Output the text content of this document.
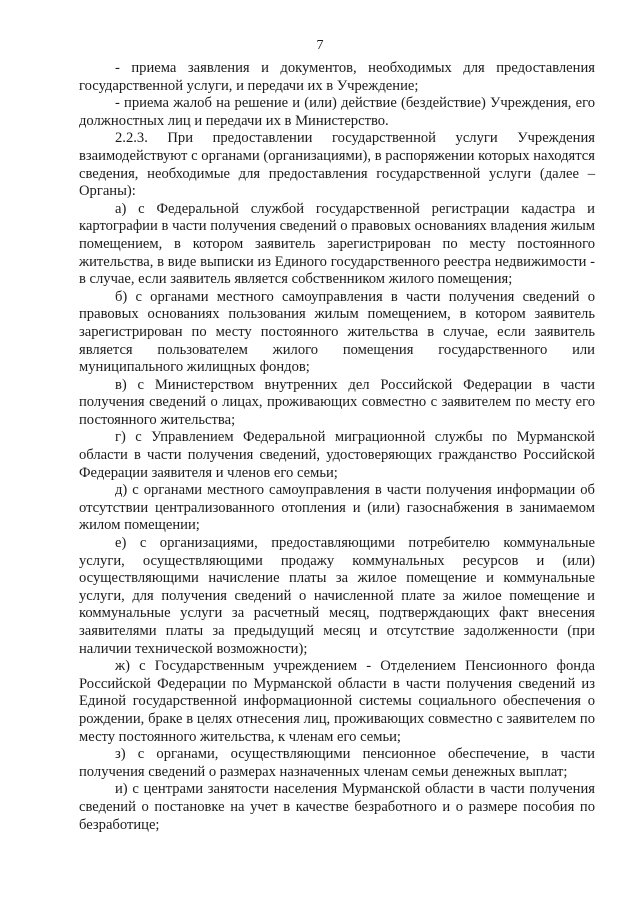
7

- приема заявления и документов, необходимых для предоставления государственной услуги, и передачи их в Учреждение;

- приема жалоб на решение и (или) действие (бездействие) Учреждения, его должностных лиц и передачи их в Министерство.

2.2.3. При предоставлении государственной услуги Учреждения взаимодействуют с органами (организациями), в распоряжении которых находятся сведения, необходимые для предоставления государственной услуги (далее – Органы):

а) с Федеральной службой государственной регистрации кадастра и картографии в части получения сведений о правовых основаниях владения жилым помещением, в котором заявитель зарегистрирован по месту постоянного жительства, в виде выписки из Единого государственного реестра недвижимости - в случае, если заявитель является собственником жилого помещения;

б) с органами местного самоуправления в части получения сведений о правовых основаниях пользования жилым помещением, в котором заявитель зарегистрирован по месту постоянного жительства в случае, если заявитель является пользователем жилого помещения государственного или муниципального жилищных фондов;

в) с Министерством внутренних дел Российской Федерации в части получения сведений о лицах, проживающих совместно с заявителем по месту его постоянного жительства;

г) с Управлением Федеральной миграционной службы по Мурманской области в части получения сведений, удостоверяющих гражданство Российской Федерации заявителя и членов его семьи;

д) с органами местного самоуправления в части получения информации об отсутствии централизованного отопления и (или) газоснабжения в занимаемом жилом помещении;

е) с организациями, предоставляющими потребителю коммунальные услуги, осуществляющими продажу коммунальных ресурсов и (или) осуществляющими начисление платы за жилое помещение и коммунальные услуги, для получения сведений о начисленной плате за жилое помещение и коммунальные услуги за расчетный месяц, подтверждающих факт внесения заявителями платы за предыдущий месяц и отсутствие задолженности (при наличии технической возможности);

ж) с Государственным учреждением - Отделением Пенсионного фонда Российской Федерации по Мурманской области в части получения сведений из Единой государственной информационной системы социального обеспечения о рождении, браке в целях отнесения лиц, проживающих совместно с заявителем по месту постоянного жительства, к членам его семьи;

з) с органами, осуществляющими пенсионное обеспечение, в части получения сведений о размерах назначенных членам семьи денежных выплат;

и) с центрами занятости населения Мурманской области в части получения сведений о постановке на учет в качестве безработного и о размере пособия по безработице;
